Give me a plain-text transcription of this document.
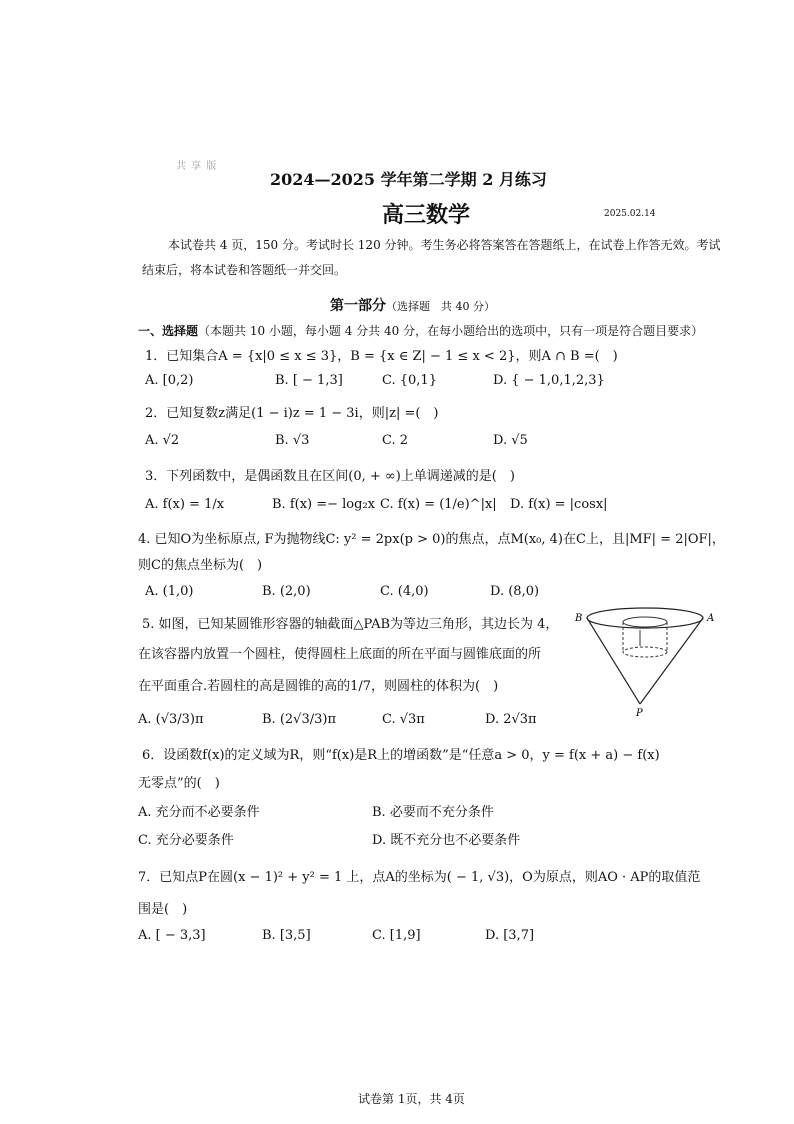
共 享 版
2024—2025 学年第二学期 2 月练习
高三数学	2025.02.14
本试卷共 4 页，150 分。考试时长 120 分钟。考生务必将答案答在答题纸上，在试卷上作答无效。考试
结束后，将本试卷和答题纸一并交回。
第一部分（选择题　共 40 分）
一、选择题（本题共 10 小题，每小题 4 分共 40 分，在每小题给出的选项中，只有一项是符合题目要求）
1．已知集合A = {x|0 ≤ x ≤ 3}，B = {x ∈ Z| − 1 ≤ x < 2}，则A ∩ B =(　)
A. [0,2)	B. [ − 1,3]	C. {0,1}	D. { − 1,0,1,2,3}
2．已知复数z满足(1 − i)z = 1 − 3i，则|z| =(　)
A. √2	B. √3	C. 2	D. √5
3．下列函数中，是偶函数且在区间(0, + ∞)上单调递减的是(　)
A. f(x) = 1/x	B. f(x) =− log₂x C. f(x) = (1/e)^|x| D. f(x) = |cosx|
4. 已知O为坐标原点, F为抛物线C: y² = 2px(p > 0)的焦点，点M(x₀, 4)在C上，且|MF| = 2|OF|，
则C的焦点坐标为(　)
A. (1,0)	B. (2,0)	C. (4,0)	D. (8,0)
5. 如图，已知某圆锥形容器的轴截面△PAB为等边三角形，其边长为 4，
在该容器内放置一个圆柱，使得圆柱上底面的所在平面与圆锥底面的所
在平面重合.若圆柱的高是圆锥的高的1/7，则圆柱的体积为(　)
A. (√3/3)π	B. (2√3/3)π	C. √3π	D. 2√3π
B	A
P
6．设函数f(x)的定义域为R，则“f(x)是R上的增函数”是“任意a > 0，y = f(x + a) − f(x)
无零点”的(　)
A. 充分而不必要条件	B. 必要而不充分条件
C. 充分必要条件	D. 既不充分也不必要条件
7．已知点P在圆(x − 1)² + y² = 1 上，点A的坐标为( − 1, √3)，O为原点，则AO · AP的取值范
围是(　)
A. [ − 3,3]	B. [3,5]	C. [1,9]	D. [3,7]
试卷第 1页，共 4页
